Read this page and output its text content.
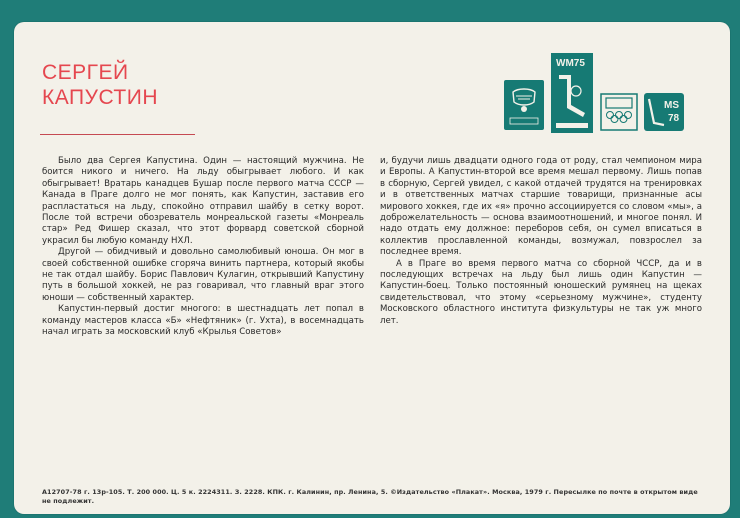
СЕРГЕЙ
КАПУСТИН
WM75
MS
78

Было два Сергея Капустина. Один — настоящий мужчина. Не боится никого и ничего. На льду обыгрывает любого. И как обыгрывает! Вратарь канадцев Бушар после первого матча СССР — Канада в Праге долго не мог понять, как Капустин, заставив его распластаться на льду, спокойно отправил шайбу в сетку ворот. После той встречи обозреватель монреальской газеты «Монреаль стар» Ред Фишер сказал, что этот форвард советской сборной украсил бы любую команду НХЛ.

Другой — обидчивый и довольно самолюбивый юноша. Он мог в своей собственной ошибке сгоряча винить партнера, который якобы не так отдал шайбу. Борис Павлович Кулагин, открывший Капустину путь в большой хоккей, не раз говаривал, что главный враг этого юноши — собственный характер.

Капустин-первый достиг многого: в шестнадцать лет попал в команду мастеров класса «Б» «Нефтяник» (г. Ухта), в восемнадцать начал играть за московский клуб «Крылья Советов»

и, будучи лишь двадцати одного года от роду, стал чемпионом мира и Европы. А Капустин-второй все время мешал первому. Лишь попав в сборную, Сергей увидел, с какой отдачей трудятся на тренировках и в ответственных матчах старшие товарищи, признанные асы мирового хоккея, где их «я» прочно ассоциируется со словом «мы», а доброжелательность — основа взаимоотношений, и многое понял. И надо отдать ему должное: переборов себя, он сумел вписаться в коллектив прославленной команды, возмужал, повзрослел за последнее время.

А в Праге во время первого матча со сборной ЧССР, да и в последующих встречах на льду был лишь один Капустин — Капустин-боец. Только постоянный юношеский румянец на щеках свидетельствовал, что этому «серьезному мужчине», студенту Московского областного института физкультуры не так уж много лет.

А12707-78 г. 13р-105. Т. 200 000. Ц. 5 к. 2224311. З. 2228. КПК. г. Калинин, пр. Ленина, 5. ©Издательство «Плакат». Москва, 1979 г. Пересылке по почте в открытом виде не подлежит.
